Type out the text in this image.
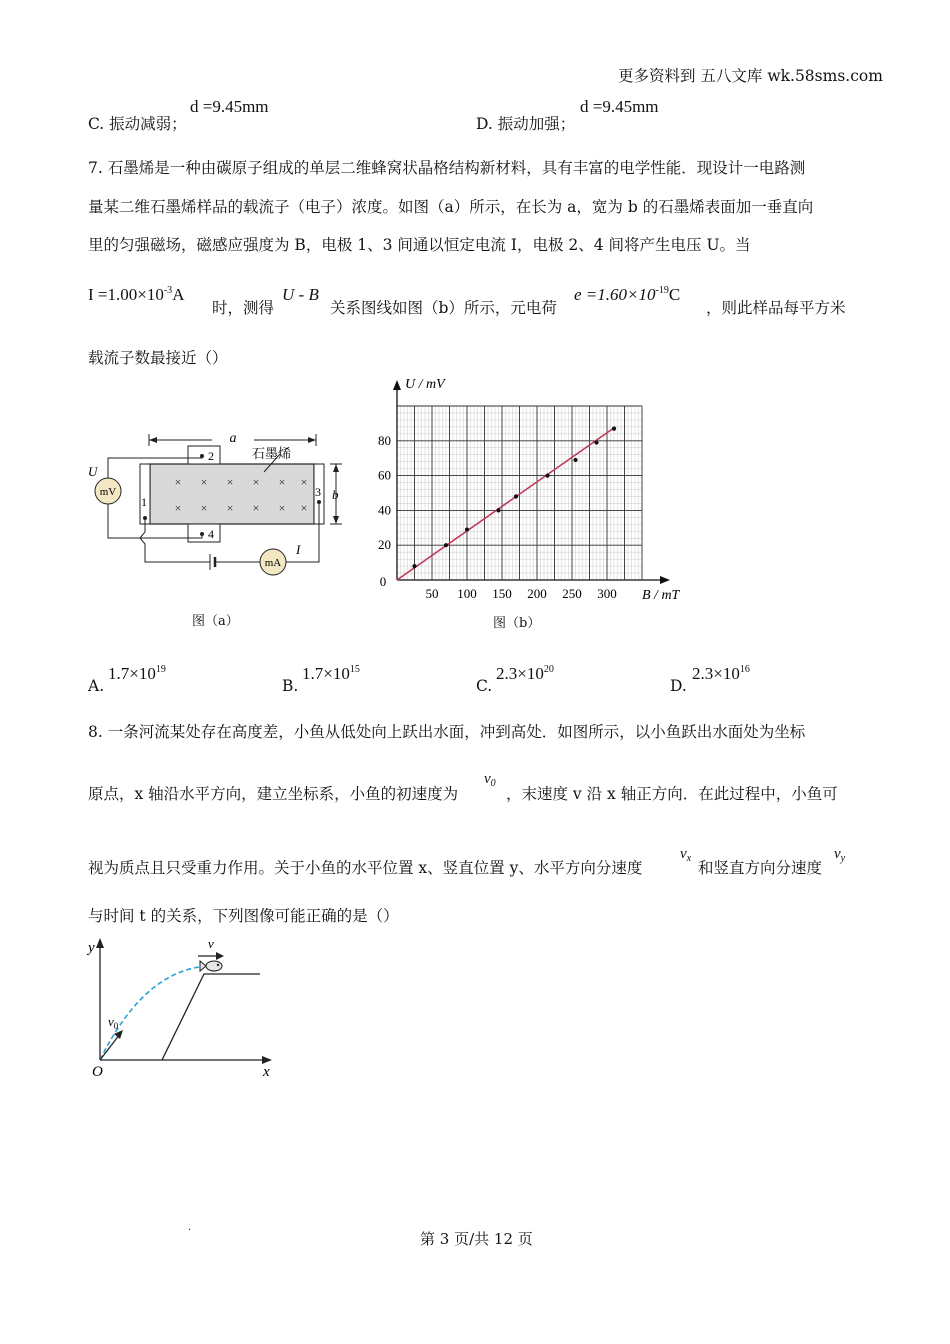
更多资料到 五八文库 wk.58sms.com
C. 振动减弱；
d =9.45mm
D. 振动加强；
d =9.45mm
7. 石墨烯是一种由碳原子组成的单层二维蜂窝状晶格结构新材料，具有丰富的电学性能．现设计一电路测
量某二维石墨烯样品的载流子（电子）浓度。如图（a）所示，在长为 a，宽为 b 的石墨烯表面加一垂直向
里的匀强磁场，磁感应强度为 B，电极 1、3 间通以恒定电流 I，电极 2、4 间将产生电压 U。当
$I =1.00\times 10^{-3}A$
时，测得
U - B
关系图线如图（b）所示，元电荷
$e =1.60\times 10^{-19}C$
，则此样品每平方米
载流子数最接近（）
a
× × × × × ×
× × × × × ×
石墨烯
2
4
1
3 b
mV
U
mA
I
图（a）
50 100 150 200 250 300
20
40
60
80
U / mV
B / mT
0
图（b）
A.
$1.7\times 10^{19}$
B.
$1.7\times 10^{15}$
C.
$2.3\times 10^{20}$
D.
$2.3\times 10^{16}$
8. 一条河流某处存在高度差，小鱼从低处向上跃出水面，冲到高处．如图所示，以小鱼跃出水面处为坐标
原点，x 轴沿水平方向，建立坐标系，小鱼的初速度为
$v_0$
，末速度 v 沿 x 轴正方向．在此过程中，小鱼可
视为质点且只受重力作用。关于小鱼的水平位置 x、竖直位置 y、水平方向分速度
$v_x$
和竖直方向分速度
$v_y$
与时间 t 的关系，下列图像可能正确的是（）
y
x
O
$v_0$
v
.
第 3 页/共 12 页
